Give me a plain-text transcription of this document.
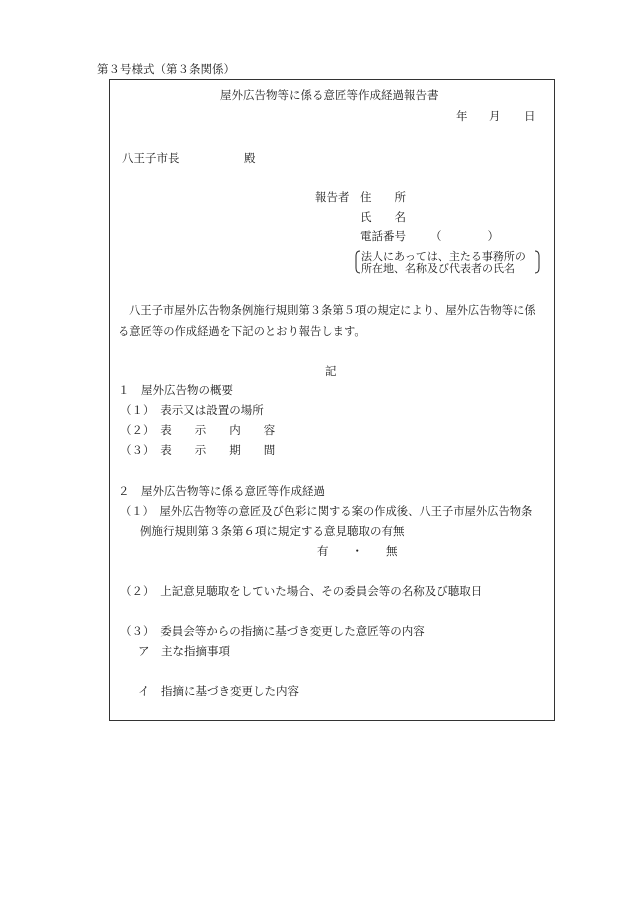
第３号様式（第３条関係）
屋外広告物等に係る意匠等作成経過報告書
年 月 日
八王子市長	殿
報告者 住　　所
氏　　名
電話番号 （　　　　）
法人にあっては、主たる事務所の
所在地、名称及び代表者の氏名
八王子市屋外広告物条例施行規則第３条第５項の規定により、屋外広告物等に係
る意匠等の作成経過を下記のとおり報告します。
記
１　屋外広告物の概要
（１）　表示又は設置の場所
（２）　表　　示　　内　　容
（３）　表　　示　　期　　間
２　屋外広告物等に係る意匠等作成経過
（１）　屋外広告物等の意匠及び色彩に関する案の作成後、八王子市屋外広告物条
例施行規則第３条第６項に規定する意見聴取の有無
有　　・　　無
（２）　上記意見聴取をしていた場合、その委員会等の名称及び聴取日
（３）　委員会等からの指摘に基づき変更した意匠等の内容
ア　主な指摘事項
イ　指摘に基づき変更した内容
